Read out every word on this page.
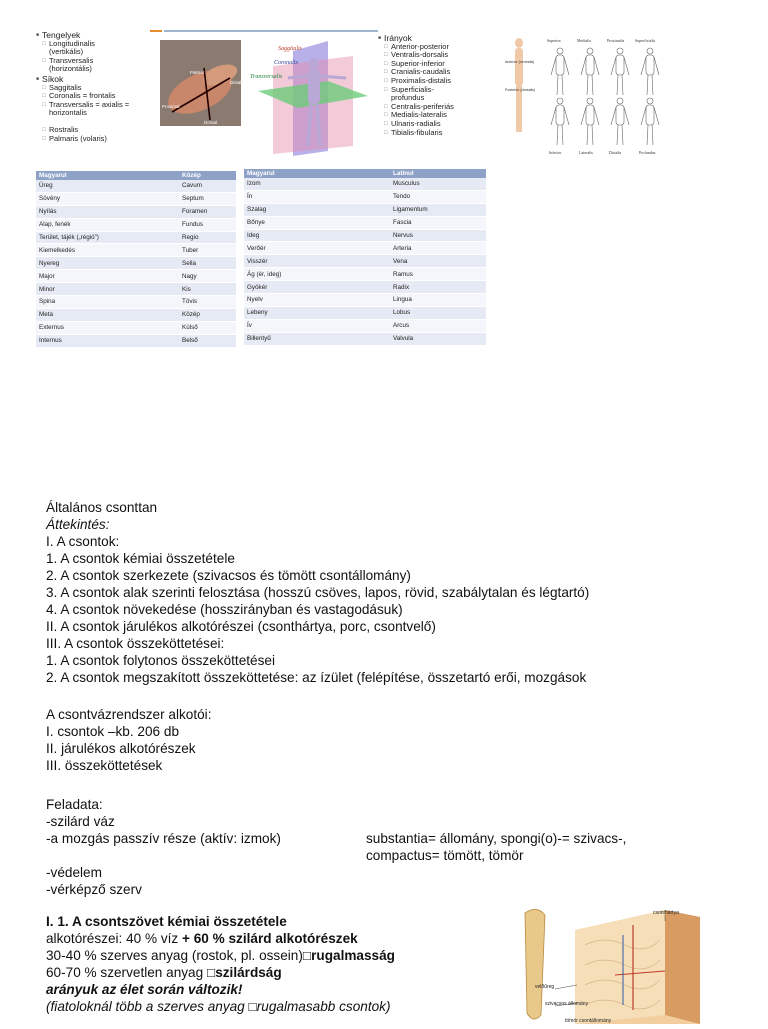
■ Tengelyek
□ Longitudinalis (vertikális)
□ Transversalis (horizontális)
■ Síkok
□ Saggitalis
□ Coronalis = frontalis
□ Transversalis = axialis = horizontalis
□ Rostralis
□ Palmaris (volaris)
Palmar
Distal
Proximal
Dorsal
Saggitalis
Coronalis
Transversalis
■ Irányok
□ Anterior-posterior
□ Ventralis-dorsalis
□ Superior-inferior
□ Cranialis-caudalis
□ Proximalis-distalis
□ Superficialis-profundus
□ Centralis-periferiás
□ Medialis-lateralis
□ Ulnaris-radialis
□ Tibialis-fibularis
Anterior (ventralis)
Posterior (dorsalis)
Superior	Medialis	Proximalis	Superficialis
Inferior	Lateralis	Distalis	Profundus
Magyarul	Közép
Üreg	Cavum
Sövény	Septum
Nyílás	Foramen
Alap, fenék	Fundus
Terület, tájék („régió”)	Regio
Kiemelkedés	Tuber
Nyereg	Sella
Major	Nagy
Minor	Kis
Spina	Tövis
Meta	Közép
Externus	Külső
Internus	Belső
Magyarul	Latinul
Izom	Musculus
Ín	Tendo
Szalag	Ligamentum
Bőnye	Fascia
Ideg	Nervus
Verőér	Arteria
Visszér	Vena
Ág (ér, ideg)	Ramus
Gyökér	Radix
Nyelv	Lingua
Lebeny	Lobus
Ív	Arcus
Billentyű	Valvula
Általános csonttan
Áttekintés:
I. A csontok:
1. A csontok kémiai összetétele
2. A csontok szerkezete (szivacsos és tömött csontállomány)
3. A csontok alak szerinti felosztása (hosszú csöves, lapos, rövid, szabálytalan és légtartó)
4. A csontok növekedése (hosszirányban és vastagodásuk)
II. A csontok járulékos alkotórészei (csonthártya, porc, csontvelő)
III. A csontok összeköttetései:
1. A csontok folytonos összeköttetései
2. A csontok megszakított összeköttetése: az ízület (felépítése, összetartó erői, mozgások
A csontvázrendszer alkotói:
I. csontok –kb. 206 db
II. járulékos alkotórészek
III. összeköttetések
Feladata:
-szilárd váz
-a mozgás passzív része (aktív: izmok)
-védelem
-vérképző szerv
substantia= állomány, spongi(o)-= szivacs-,
compactus= tömött, tömör
I. 1. A csontszövet kémiai összetétele
alkotórészei: 40 % víz + 60 % szilárd alkotórészek
30-40 % szerves anyag (rostok, pl. ossein)□rugalmasság
60-70 % szervetlen anyag □szilárdság
arányuk az élet során változik!
(fiatoloknál több a szerves anyag □rugalmasabb csontok)
csonthártya
velőűreg
szivacsos állomány
tömör csontállomány
